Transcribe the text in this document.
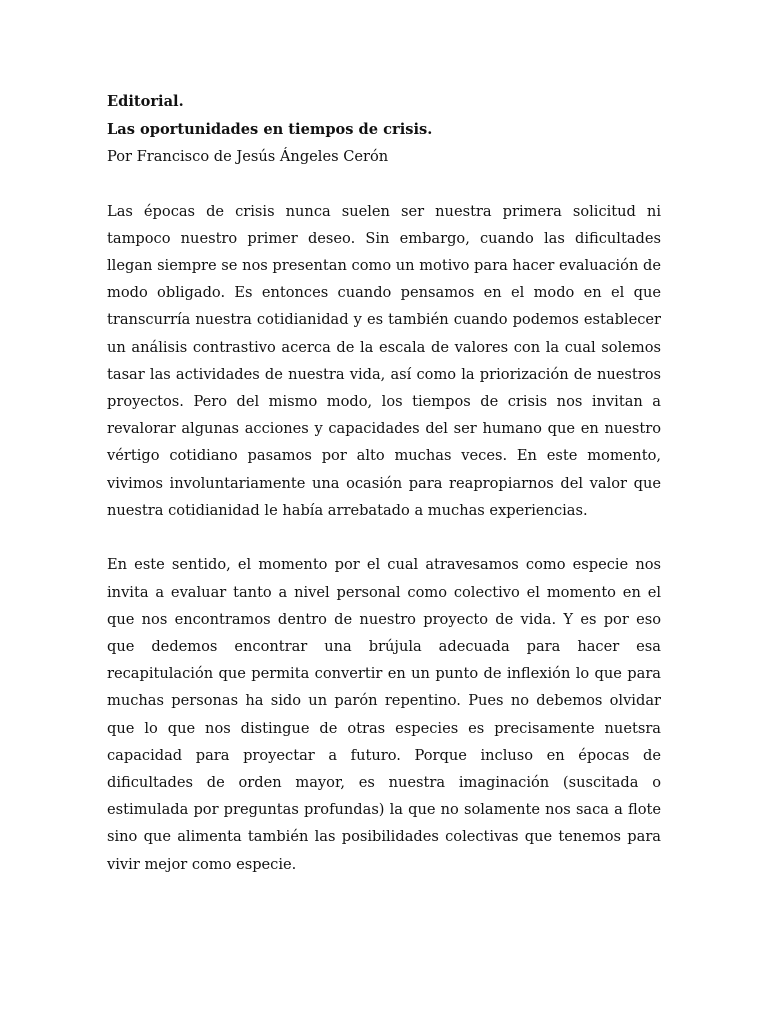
Editorial.

Las oportunidades en tiempos de crisis.

Por Francisco de Jesús Ángeles Cerón

Las épocas de crisis nunca suelen ser nuestra primera solicitud ni tampoco nuestro primer deseo. Sin embargo, cuando las dificultades llegan siempre se nos presentan como un motivo para hacer evaluación de modo obligado. Es entonces cuando pensamos en el modo en el que transcurría nuestra cotidianidad y es también cuando podemos establecer un análisis contrastivo acerca de la escala de valores con la cual solemos tasar las actividades de nuestra vida, así como la priorización de nuestros proyectos. Pero del mismo modo, los tiempos de crisis nos invitan a revalorar algunas acciones y capacidades del ser humano que en nuestro vértigo cotidiano pasamos por alto muchas veces. En este momento, vivimos involuntariamente una ocasión para reapropiarnos del valor que nuestra cotidianidad le había arrebatado a muchas experiencias.

En este sentido, el momento por el cual atravesamos como especie nos invita a evaluar tanto a nivel personal como colectivo el momento en el que nos encontramos dentro de nuestro proyecto de vida. Y es por eso que dedemos encontrar una brújula adecuada para hacer esa recapitulación que permita convertir en un punto de inflexión lo que para muchas personas ha sido un parón repentino. Pues no debemos olvidar que lo que nos distingue de otras especies es precisamente nuetsra capacidad para proyectar a futuro. Porque incluso en épocas de dificultades de orden mayor, es nuestra imaginación (suscitada o estimulada por preguntas profundas) la que no solamente nos saca a flote sino que alimenta también las posibilidades colectivas que tenemos para vivir mejor como especie.
